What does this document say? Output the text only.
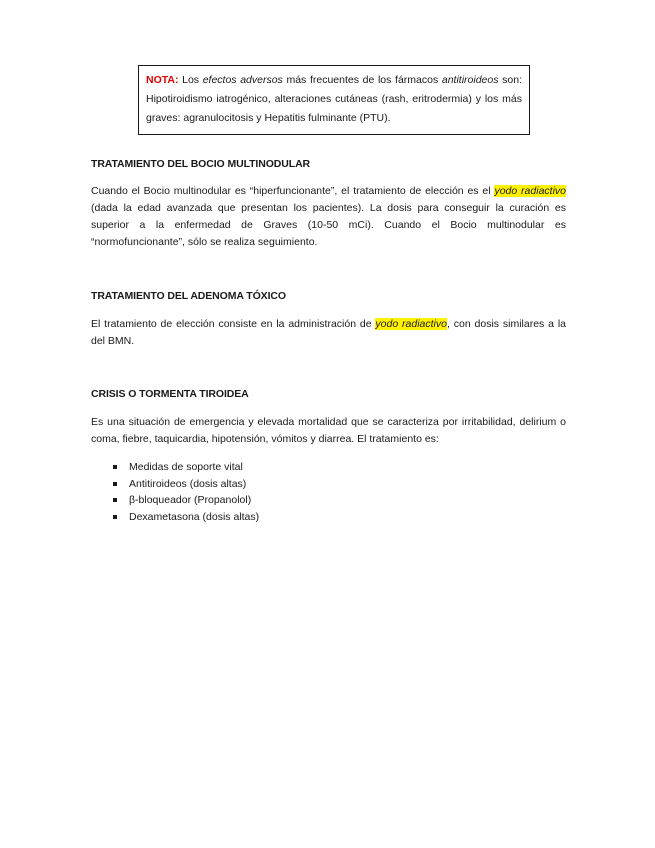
NOTA: Los efectos adversos más frecuentes de los fármacos antitiroideos son: Hipotiroidismo iatrogénico, alteraciones cutáneas (rash, eritrodermia) y los más graves: agranulocitosis y Hepatitis fulminante (PTU).

TRATAMIENTO DEL BOCIO MULTINODULAR

Cuando el Bocio multinodular es “hiperfuncionante”, el tratamiento de elección es el yodo radiactivo (dada la edad avanzada que presentan los pacientes). La dosis para conseguir la curación es superior a la enfermedad de Graves (10-50 mCi). Cuando el Bocio multinodular es “normofuncionante”, sólo se realiza seguimiento.

TRATAMIENTO DEL ADENOMA TÓXICO

El tratamiento de elección consiste en la administración de yodo radiactivo, con dosis similares a la del BMN.

CRISIS O TORMENTA TIROIDEA

Es una situación de emergencia y elevada mortalidad que se caracteriza por irritabilidad, delirium o coma, fiebre, taquicardia, hipotensión, vómitos y diarrea. El tratamiento es:

Medidas de soporte vital
Antitiroideos (dosis altas)
β-bloqueador (Propanolol)
Dexametasona (dosis altas)
